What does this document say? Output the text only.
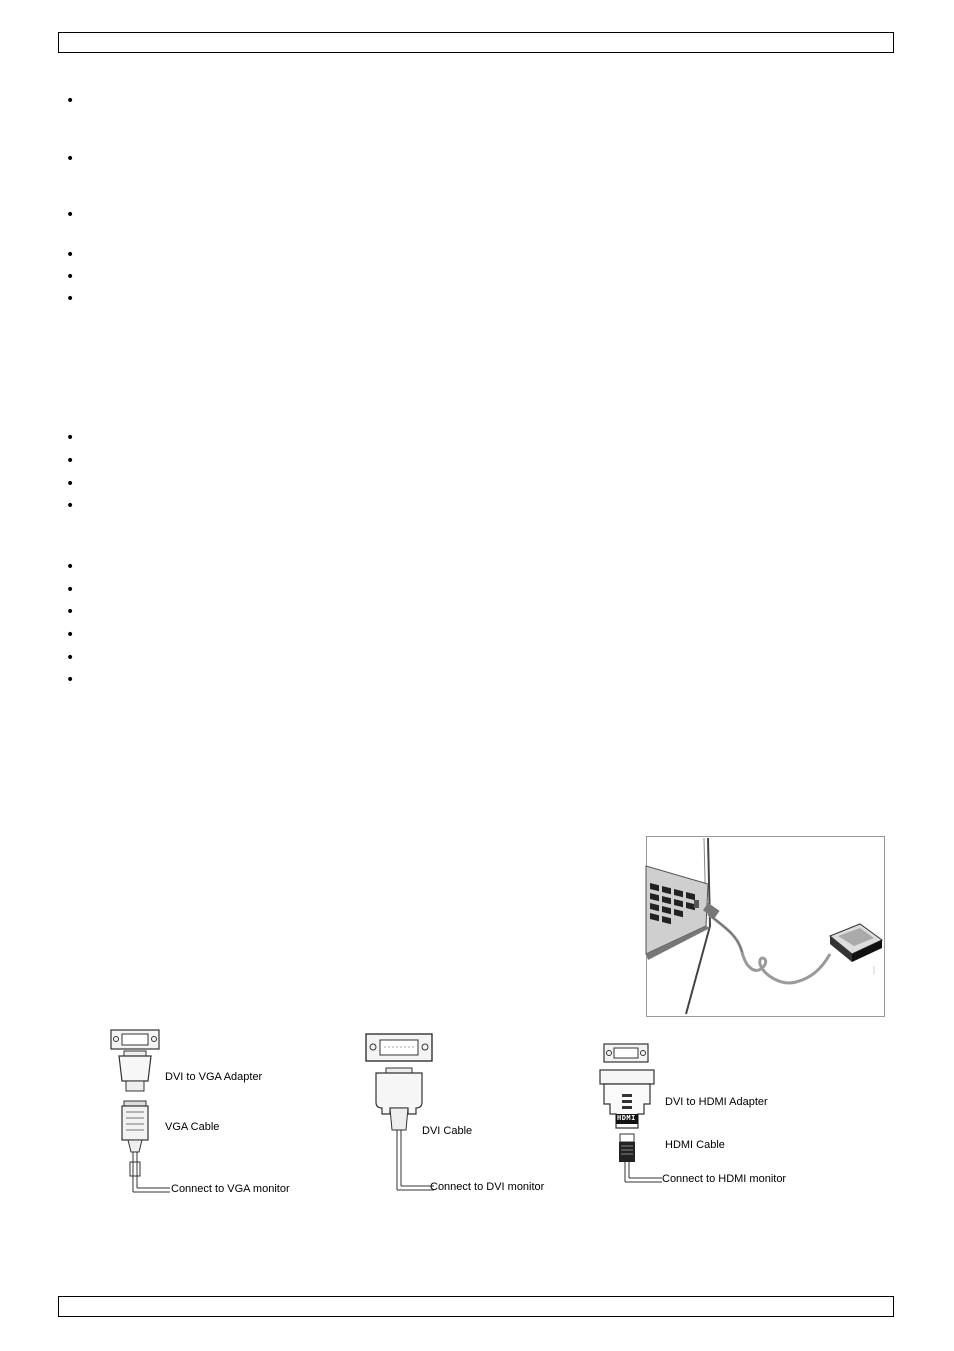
•
•
•
•
•
•
•
•
•
•
•
•
•
•
•
•
DVI to VGA Adapter
VGA Cable
Connect to VGA monitor
DVI Cable
Connect to DVI monitor
HDMI
DVI to HDMI Adapter
HDMI Cable
Connect to HDMI monitor
